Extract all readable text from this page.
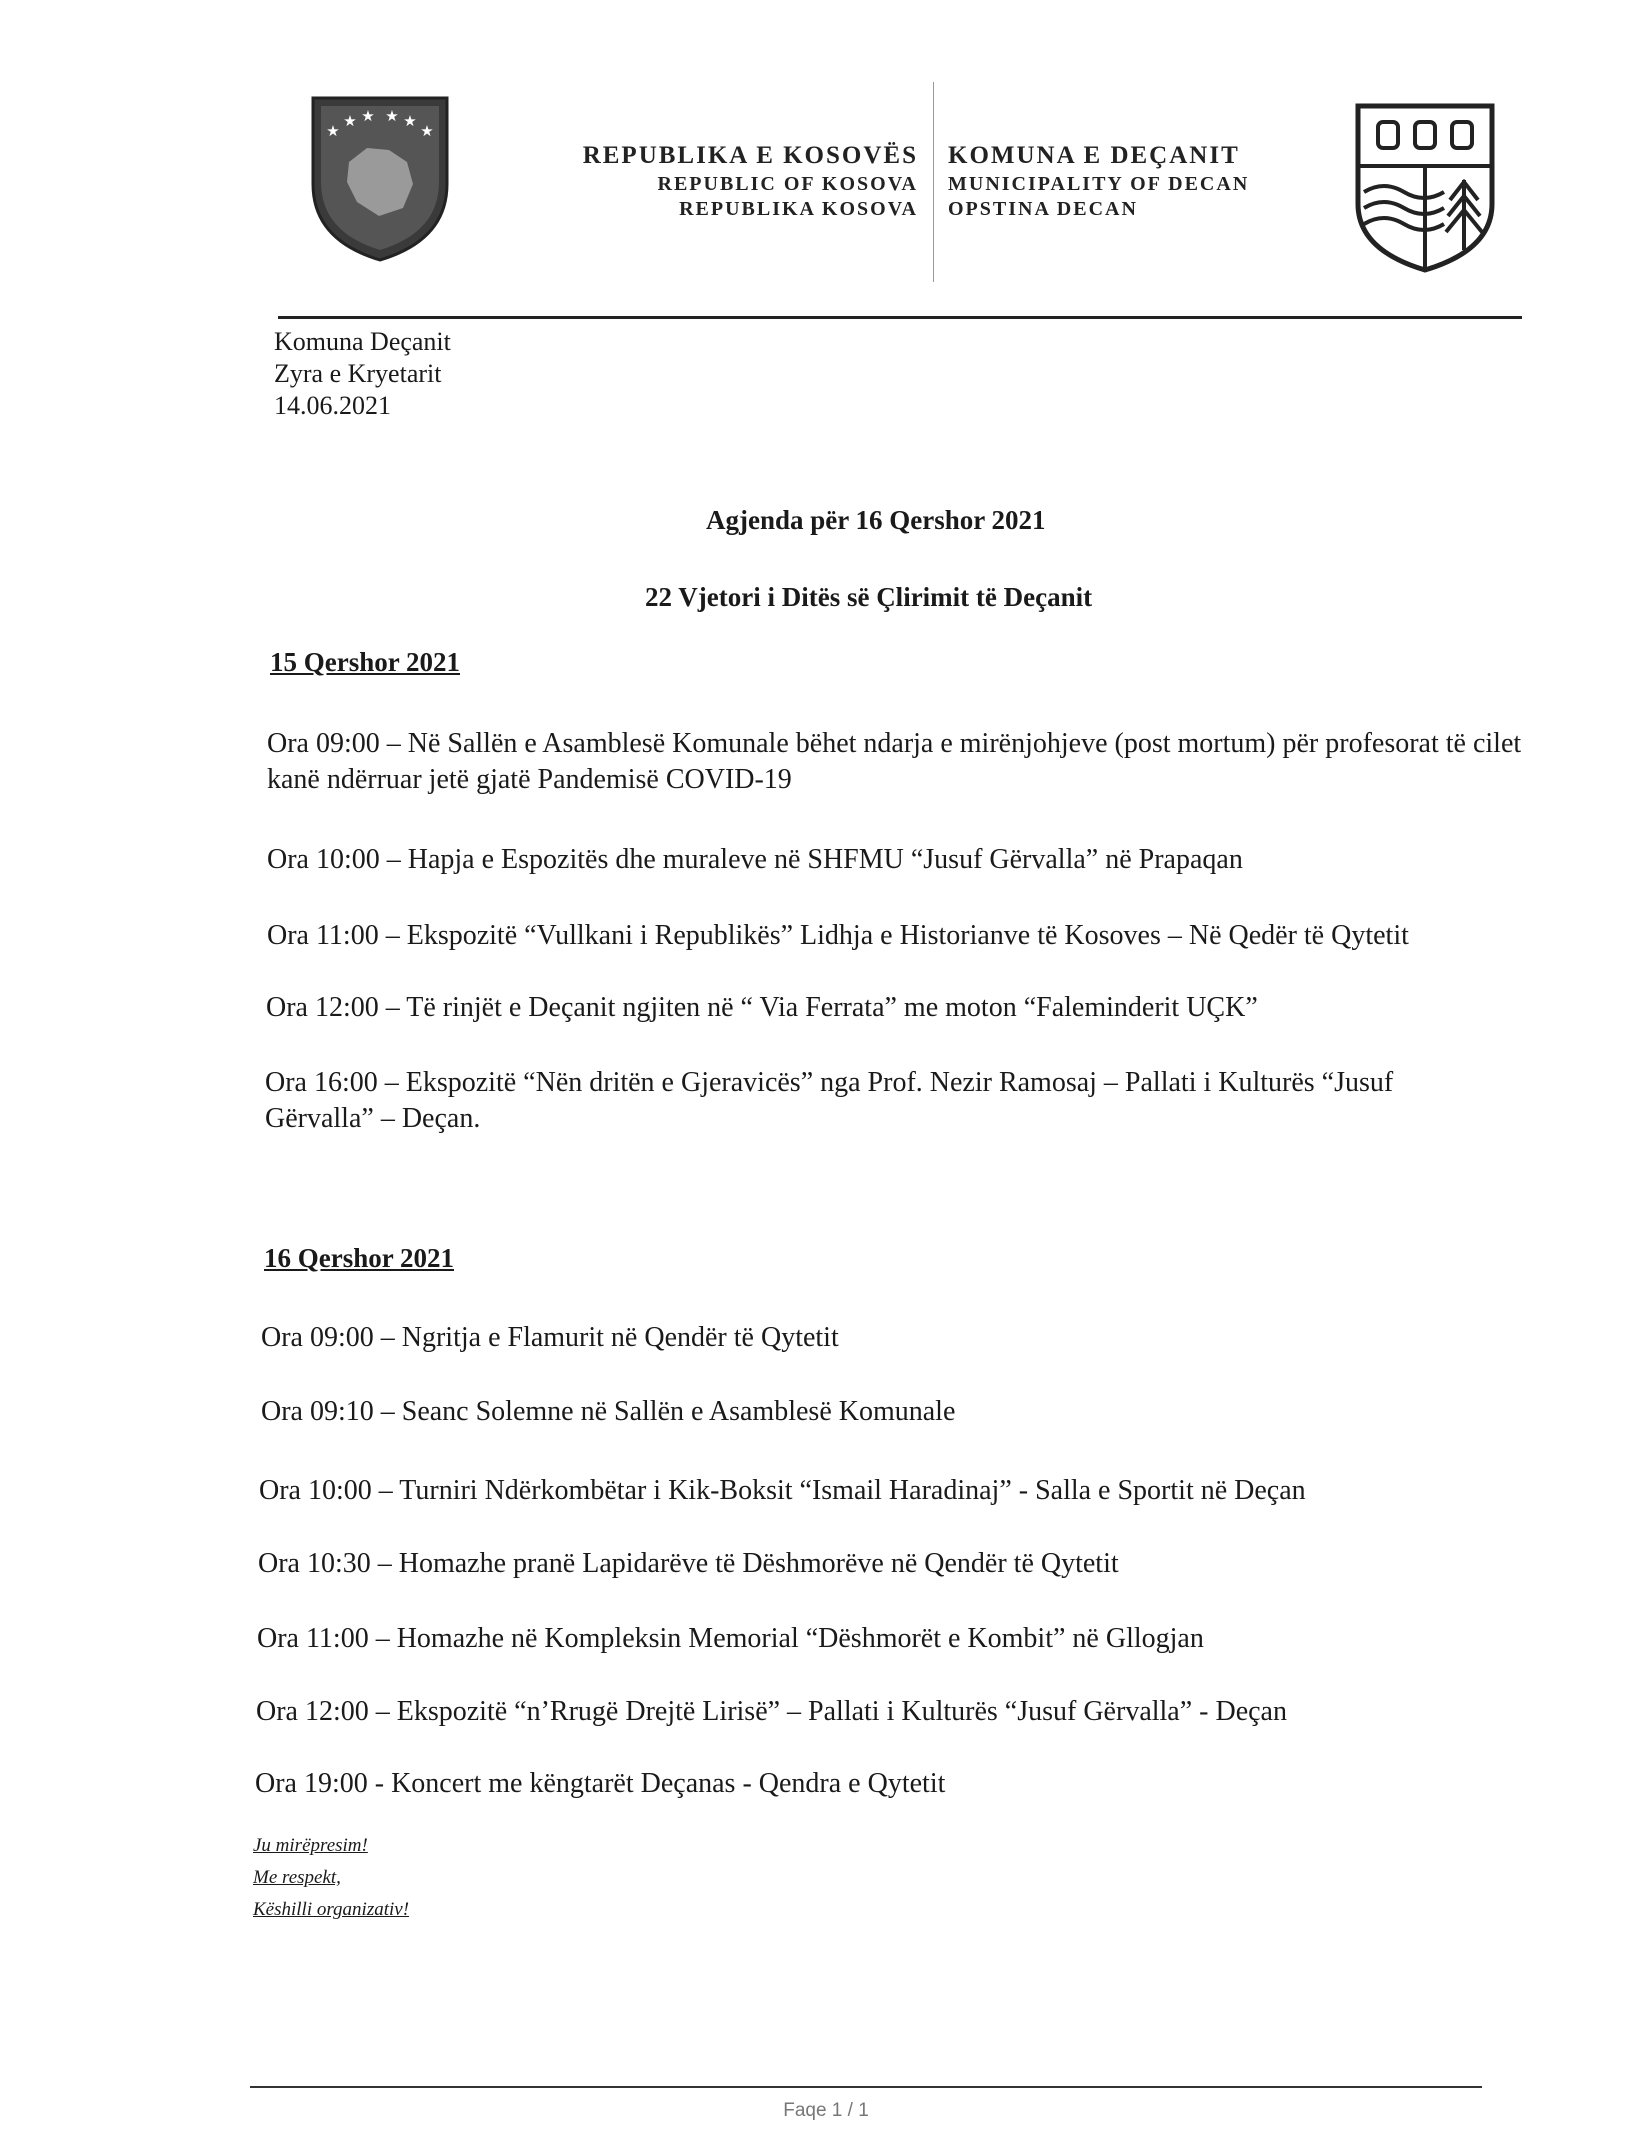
★
★ ★ ★ ★
★
REPUBLIKA E KOSOVËS
REPUBLIC OF KOSOVA
REPUBLIKA KOSOVA
KOMUNA E DEÇANIT
MUNICIPALITY OF DECAN
OPSTINA DECAN
Komuna Deçanit
Zyra e Kryetarit
14.06.2021
Agjenda për 16 Qershor 2021
22 Vjetori i Ditës së Çlirimit të Deçanit
15 Qershor 2021
Ora 09:00 – Në Sallën e Asamblesë Komunale bëhet ndarja e mirënjohjeve (post mortum) për profesorat të cilet kanë ndërruar jetë gjatë Pandemisë COVID-19
Ora 10:00 – Hapja e Espozitës dhe muraleve në SHFMU “Jusuf Gërvalla” në Prapaqan
Ora 11:00 – Ekspozitë “Vullkani i Republikës” Lidhja e Historianve të Kosoves – Në Qedër të Qytetit
Ora 12:00 – Të rinjët e Deçanit ngjiten në “ Via Ferrata” me moton “Faleminderit UÇK”
Ora 16:00 – Ekspozitë “Nën dritën e Gjeravicës” nga Prof. Nezir Ramosaj – Pallati i Kulturës “Jusuf Gërvalla” – Deçan.
16 Qershor 2021
Ora 09:00 – Ngritja e Flamurit në Qendër të Qytetit
Ora 09:10 – Seanc Solemne në Sallën e Asamblesë Komunale
Ora 10:00 – Turniri Ndërkombëtar i Kik-Boksit “Ismail Haradinaj” - Salla e Sportit në Deçan
Ora 10:30 – Homazhe pranë Lapidarëve të Dëshmorëve në Qendër të Qytetit
Ora 11:00 – Homazhe në Kompleksin Memorial “Dëshmorët e Kombit” në Gllogjan
Ora 12:00 – Ekspozitë “n’Rrugë Drejtë Lirisë” – Pallati i Kulturës “Jusuf Gërvalla” - Deçan
Ora 19:00 - Koncert me këngtarët Deçanas - Qendra e Qytetit
Ju mirëpresim!
Me respekt,
Këshilli organizativ!
Faqe 1 / 1
